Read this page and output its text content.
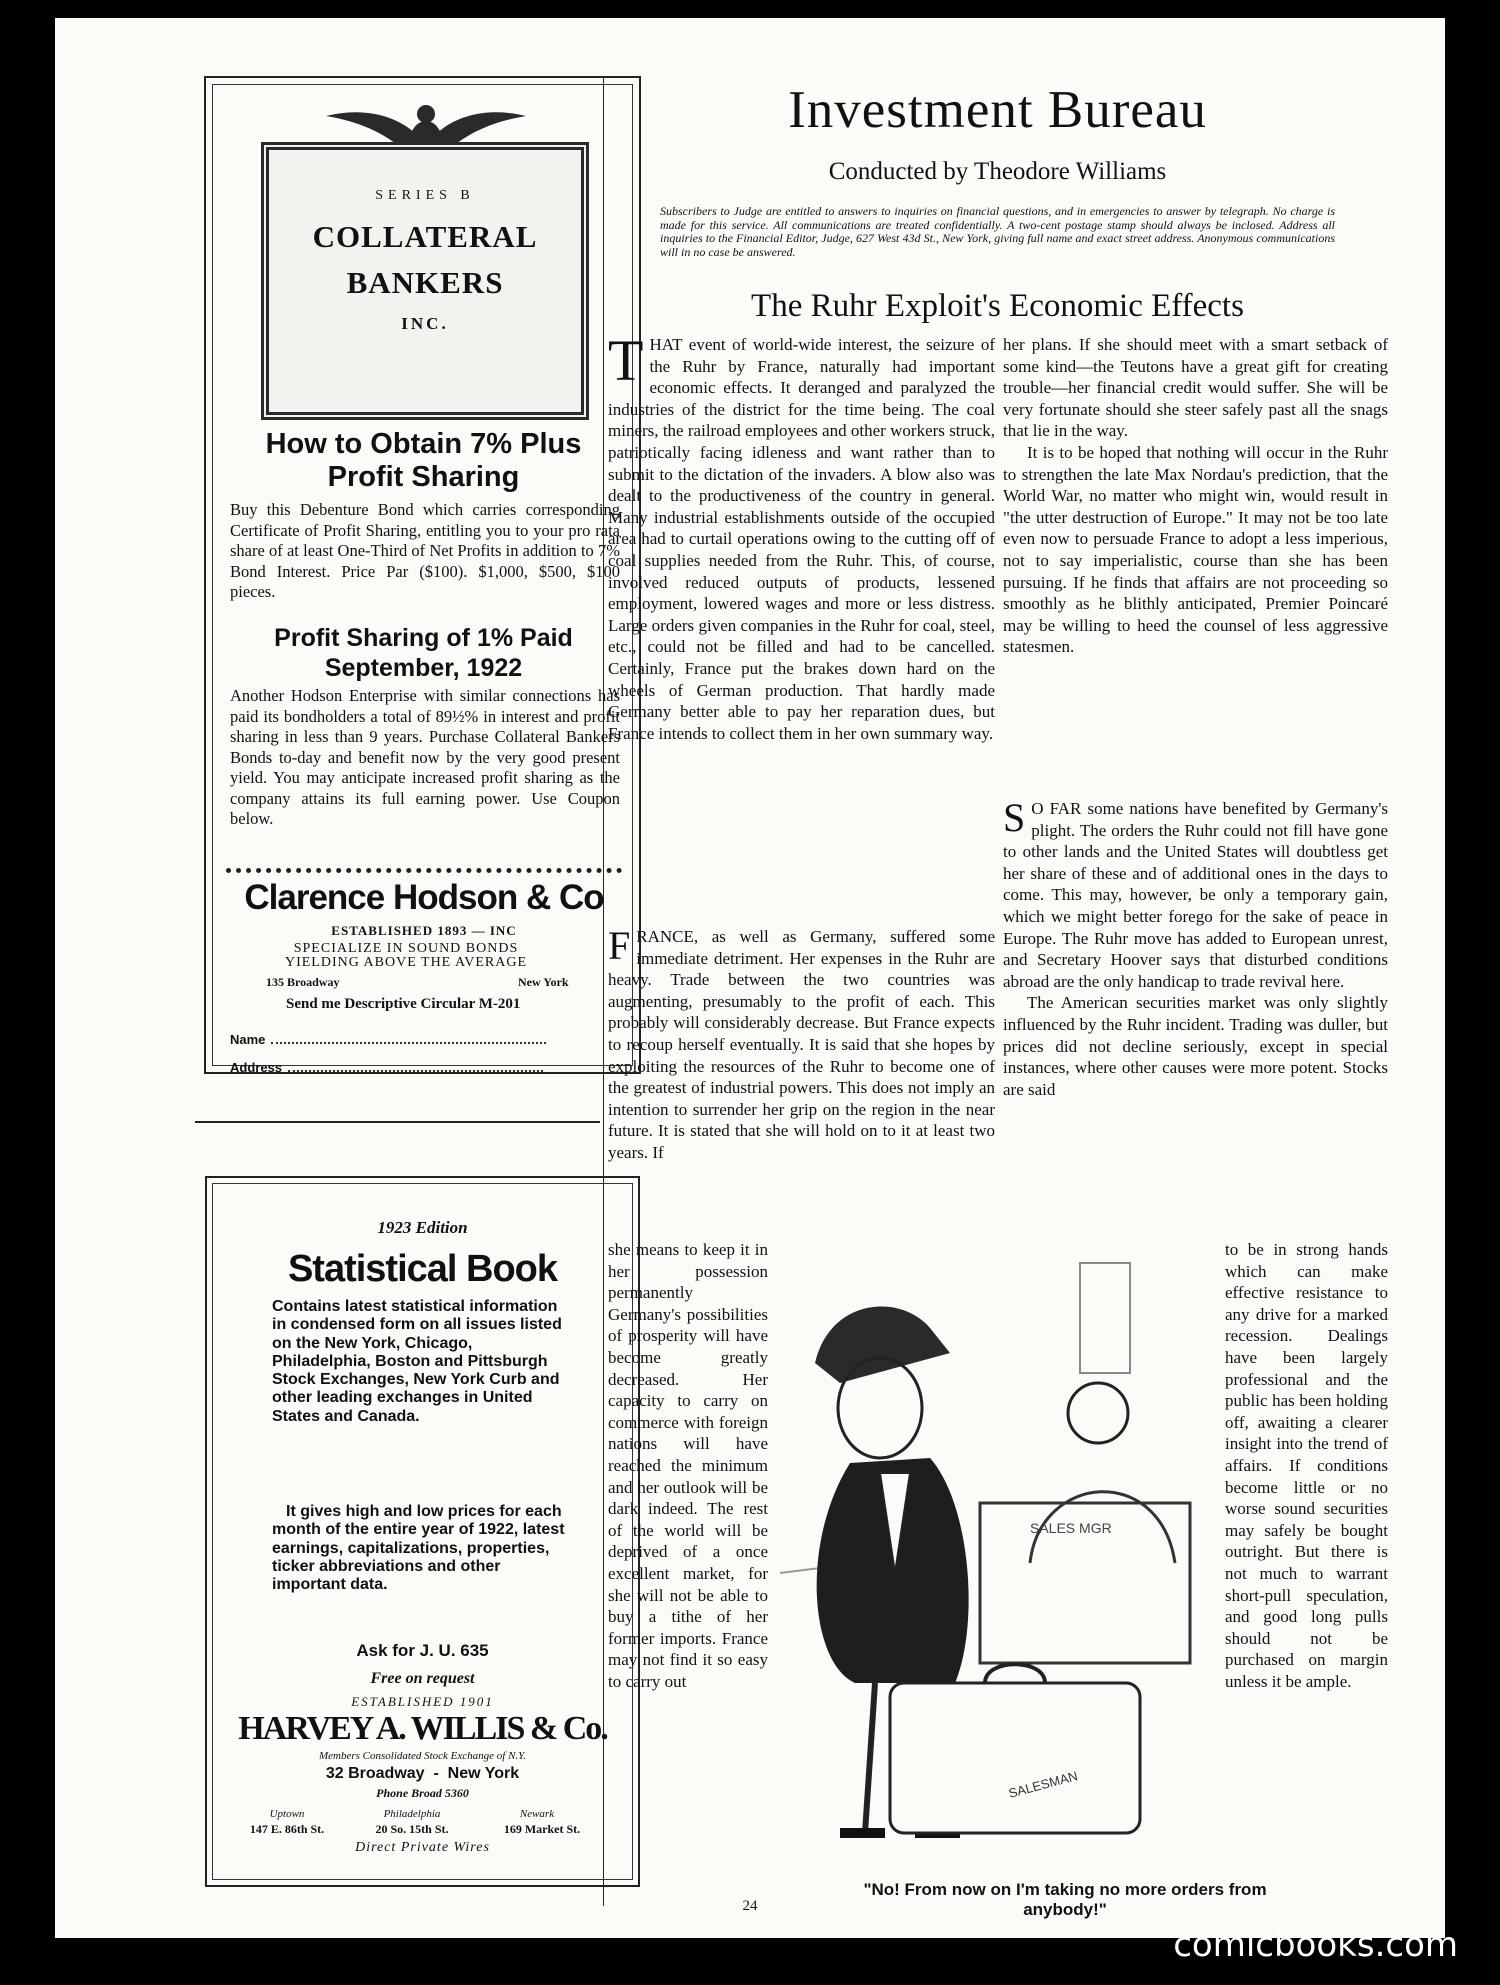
SERIES B
COLLATERAL BANKERS
INC.
How to Obtain 7% Plus Profit Sharing

Buy this Debenture Bond which carries corresponding Certificate of Profit Sharing, entitling you to your pro rata share of at least One-Third of Net Profits in addition to 7% Bond Interest. Price Par ($100). $1,000, $500, $100 pieces.

Profit Sharing of 1% Paid September, 1922

Another Hodson Enterprise with similar connections has paid its bondholders a total of 89½% in interest and profit sharing in less than 9 years. Purchase Collateral Bankers Bonds to-day and benefit now by the very good present yield. You may anticipate increased profit sharing as the company attains its full earning power. Use Coupon below.

Clarence Hodson & Co
ESTABLISHED 1893 — INC
SPECIALIZE IN SOUND BONDS YIELDING ABOVE THE AVERAGE
135 Broadway	New York
Send me Descriptive Circular M-201
Name
Address
1923 Edition
Statistical Book
Contains latest statistical information in condensed form on all issues listed on the New York, Chicago, Philadelphia, Boston and Pittsburgh Stock Exchanges, New York Curb and other leading exchanges in United States and Canada.
It gives high and low prices for each month of the entire year of 1922, latest earnings, capitalizations, properties, ticker abbreviations and other important data.
Ask for J. U. 635
Free on request
ESTABLISHED 1901
HARVEY A. WILLIS & Co.
Members Consolidated Stock Exchange of N.Y.
32 Broadway  -  New York
Phone Broad 5360
Uptown	Philadelphia	Newark
147 E. 86th St.	20 So. 15th St.	169 Market St.
Direct Private Wires
Investment Bureau
Conducted by Theodore Williams
Subscribers to Judge are entitled to answers to inquiries on financial questions, and in emergencies to answer by telegraph. No charge is made for this service. All communications are treated confidentially. A two-cent postage stamp should always be inclosed. Address all inquiries to the Financial Editor, Judge, 627 West 43d St., New York, giving full name and exact street address. Anonymous communications will in no case be answered.
The Ruhr Exploit's Economic Effects

THAT event of world-wide interest, the seizure of the Ruhr by France, naturally had important economic effects. It deranged and paralyzed the industries of the district for the time being. The coal miners, the railroad employees and other workers struck, patriotically facing idleness and want rather than to submit to the dictation of the invaders. A blow also was dealt to the productiveness of the country in general. Many industrial establishments outside of the occupied area had to curtail operations owing to the cutting off of coal supplies needed from the Ruhr. This, of course, involved reduced outputs of products, lessened employment, lowered wages and more or less distress. Large orders given companies in the Ruhr for coal, steel, etc., could not be filled and had to be cancelled. Certainly, France put the brakes down hard on the wheels of German production. That hardly made Germany better able to pay her reparation dues, but France intends to collect them in her own summary way.

FRANCE, as well as Germany, suffered some immediate detriment. Her expenses in the Ruhr are heavy. Trade between the two countries was augmenting, presumably to the profit of each. This probably will considerably decrease. But France expects to recoup herself eventually. It is said that she hopes by exploiting the resources of the Ruhr to become one of the greatest of industrial powers. This does not imply an intention to surrender her grip on the region in the near future. It is stated that she will hold on to it at least two years. If

she means to keep it in her possession permanently Germany's possibilities of prosperity will have become greatly decreased. Her capacity to carry on commerce with foreign nations will have reached the minimum and her outlook will be dark indeed. The rest of the world will be deprived of a once excellent market, for she will not be able to buy a tithe of her former imports. France may not find it so easy to carry out

her plans. If she should meet with a smart setback of some kind—the Teutons have a great gift for creating trouble—her financial credit would suffer. She will be very fortunate should she steer safely past all the snags that lie in the way.

It is to be hoped that nothing will occur in the Ruhr to strengthen the late Max Nordau's prediction, that the World War, no matter who might win, would result in "the utter destruction of Europe." It may not be too late even now to persuade France to adopt a less imperious, not to say imperialistic, course than she has been pursuing. If he finds that affairs are not proceeding so smoothly as he blithly anticipated, Premier Poincaré may be willing to heed the counsel of less aggressive statesmen.

S O FAR some nations have benefited by Germany's plight. The orders the Ruhr could not fill have gone to other lands and the United States will doubtless get her share of these and of additional ones in the days to come. This may, however, be only a temporary gain, which we might better forego for the sake of peace in Europe. The Ruhr move has added to European unrest, and Secretary Hoover says that disturbed conditions abroad are the only handicap to trade revival here.

The American securities market was only slightly influenced by the Ruhr incident. Trading was duller, but prices did not decline seriously, except in special instances, where other causes were more potent. Stocks are said

to be in strong hands which can make effective resistance to any drive for a marked recession. Dealings have been largely professional and the public has been holding off, awaiting a clearer insight into the trend of affairs. If conditions become little or no worse sound securities may safely be bought outright. But there is not much to warrant short-pull speculation, and good long pulls should not be purchased on margin unless it be ample.

SALES MGR
SALESMAN
"No! From now on I'm taking no more orders from anybody!"
24
comicbooks.com
